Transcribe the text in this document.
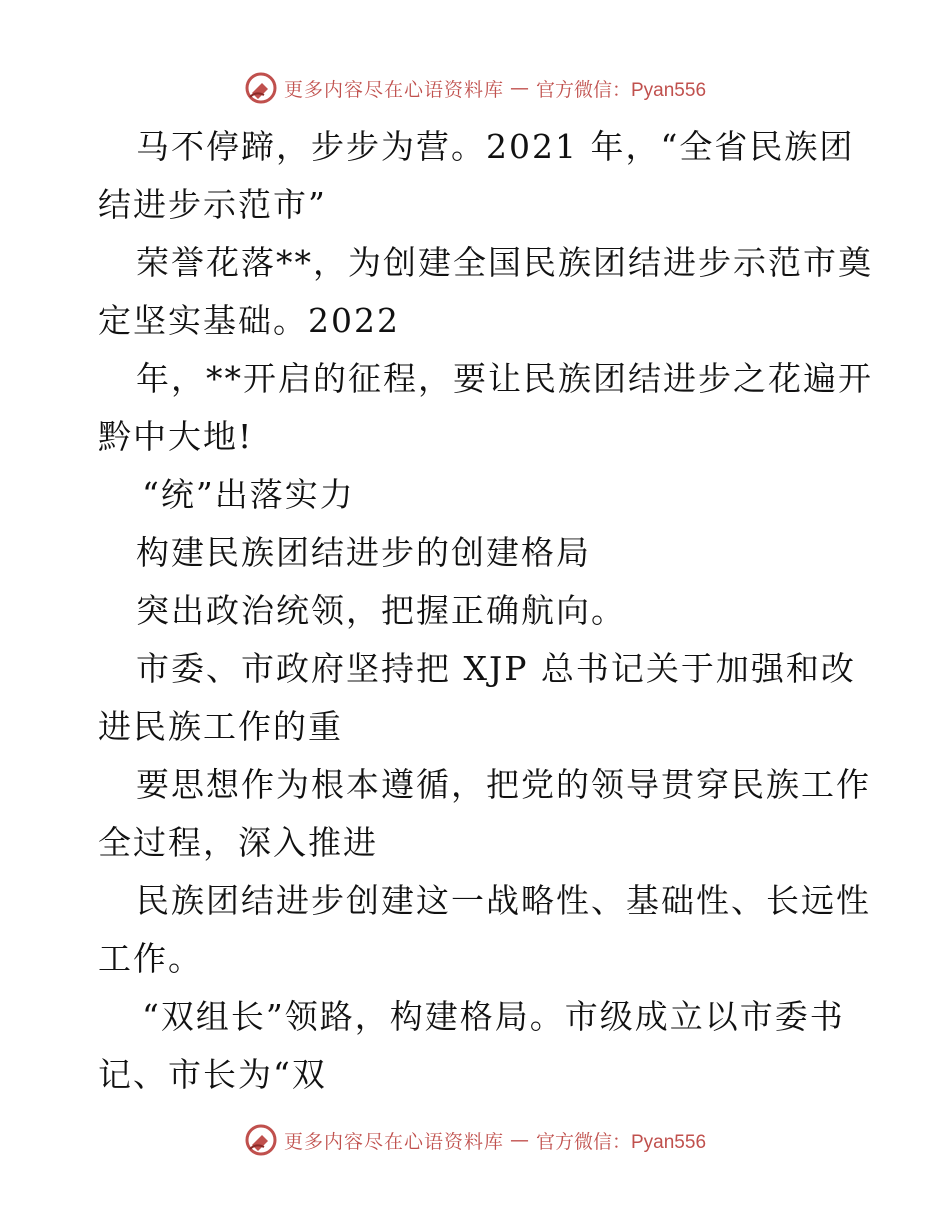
更多内容尽在心语资料库 — 官方微信：Pyan556
马不停蹄，步步为营。2021 年，“全省民族团
结进步示范市”
荣誉花落**，为创建全国民族团结进步示范市奠
定坚实基础。2022
年，**开启的征程，要让民族团结进步之花遍开
黔中大地!
“统”出落实力
构建民族团结进步的创建格局
突出政治统领，把握正确航向。
市委、市政府坚持把 XJP 总书记关于加强和改
进民族工作的重
要思想作为根本遵循，把党的领导贯穿民族工作
全过程，深入推进
民族团结进步创建这一战略性、基础性、长远性
工作。
“双组长”领路，构建格局。市级成立以市委书
记、市长为“双
更多内容尽在心语资料库 — 官方微信：Pyan556
